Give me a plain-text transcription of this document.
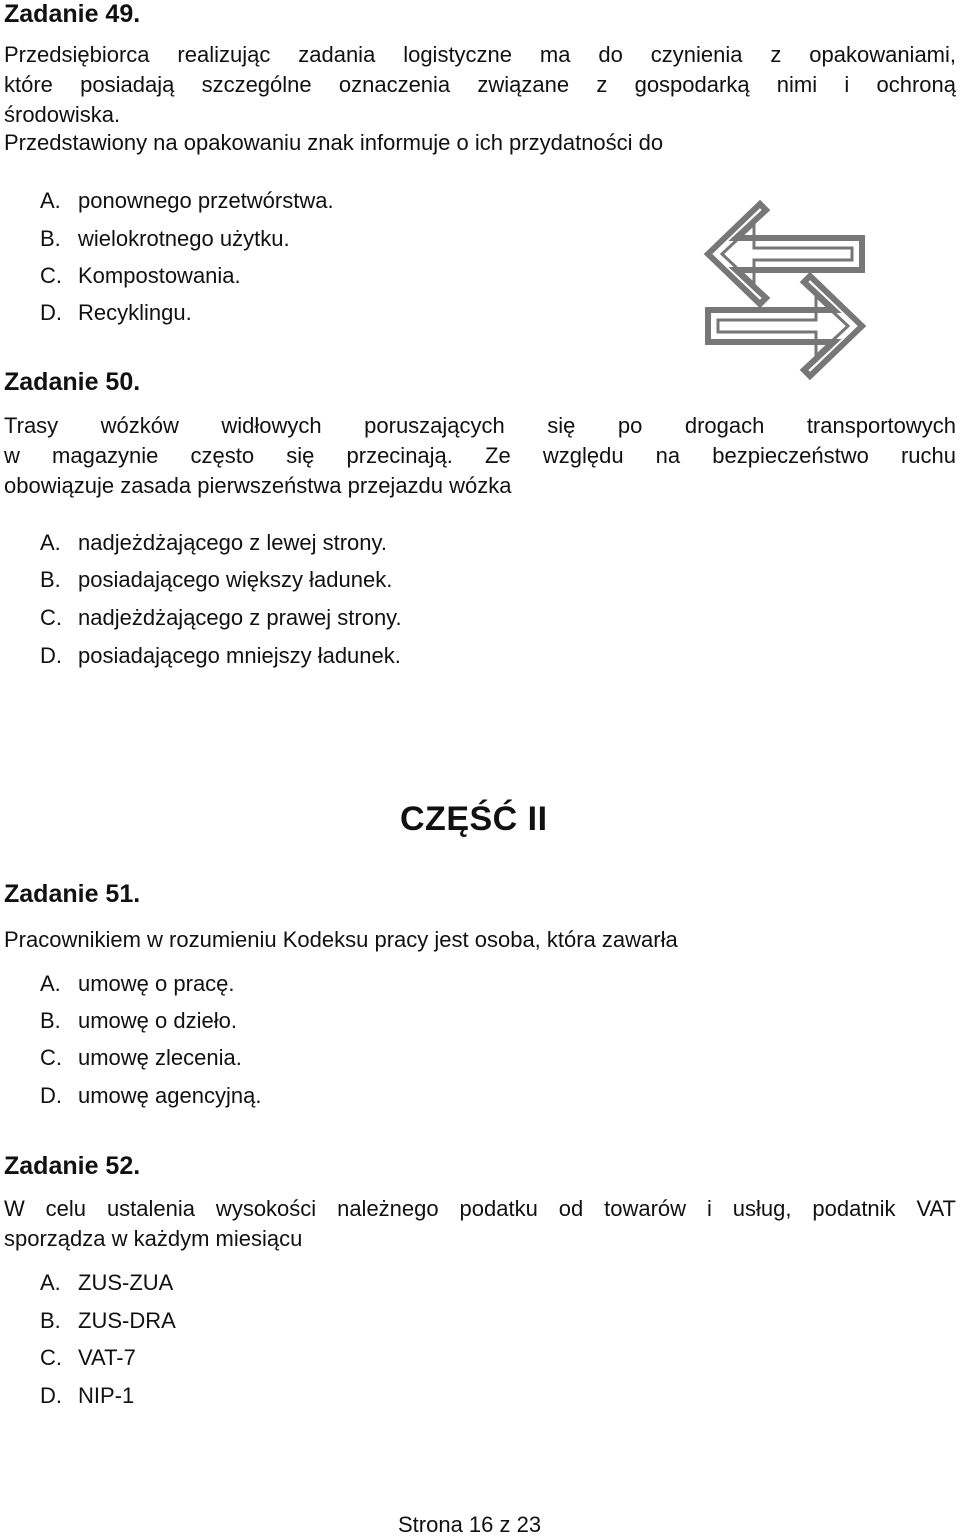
Zadanie 49.
Przedsiębiorca realizując zadania logistyczne ma do czynienia z opakowaniami,
które posiadają szczególne oznaczenia związane z gospodarką nimi i ochroną
środowiska.
Przedstawiony na opakowaniu znak informuje o ich przydatności do
A. ponownego przetwórstwa.
B. wielokrotnego użytku.
C. Kompostowania.
D. Recyklingu.
Zadanie 50.
Trasy wózków widłowych poruszających się po drogach transportowych
w magazynie często się przecinają. Ze względu na bezpieczeństwo ruchu
obowiązuje zasada pierwszeństwa przejazdu wózka
A. nadjeżdżającego z lewej strony.
B. posiadającego większy ładunek.
C. nadjeżdżającego z prawej strony.
D. posiadającego mniejszy ładunek.
CZĘŚĆ II
Zadanie 51.
Pracownikiem w rozumieniu Kodeksu pracy jest osoba, która zawarła
A. umowę o pracę.
B. umowę o dzieło.
C. umowę zlecenia.
D. umowę agencyjną.
Zadanie 52.
W celu ustalenia wysokości należnego podatku od towarów i usług, podatnik VAT
sporządza w każdym miesiącu
A. ZUS-ZUA
B. ZUS-DRA
C. VAT-7
D. NIP-1
Strona 16 z 23
